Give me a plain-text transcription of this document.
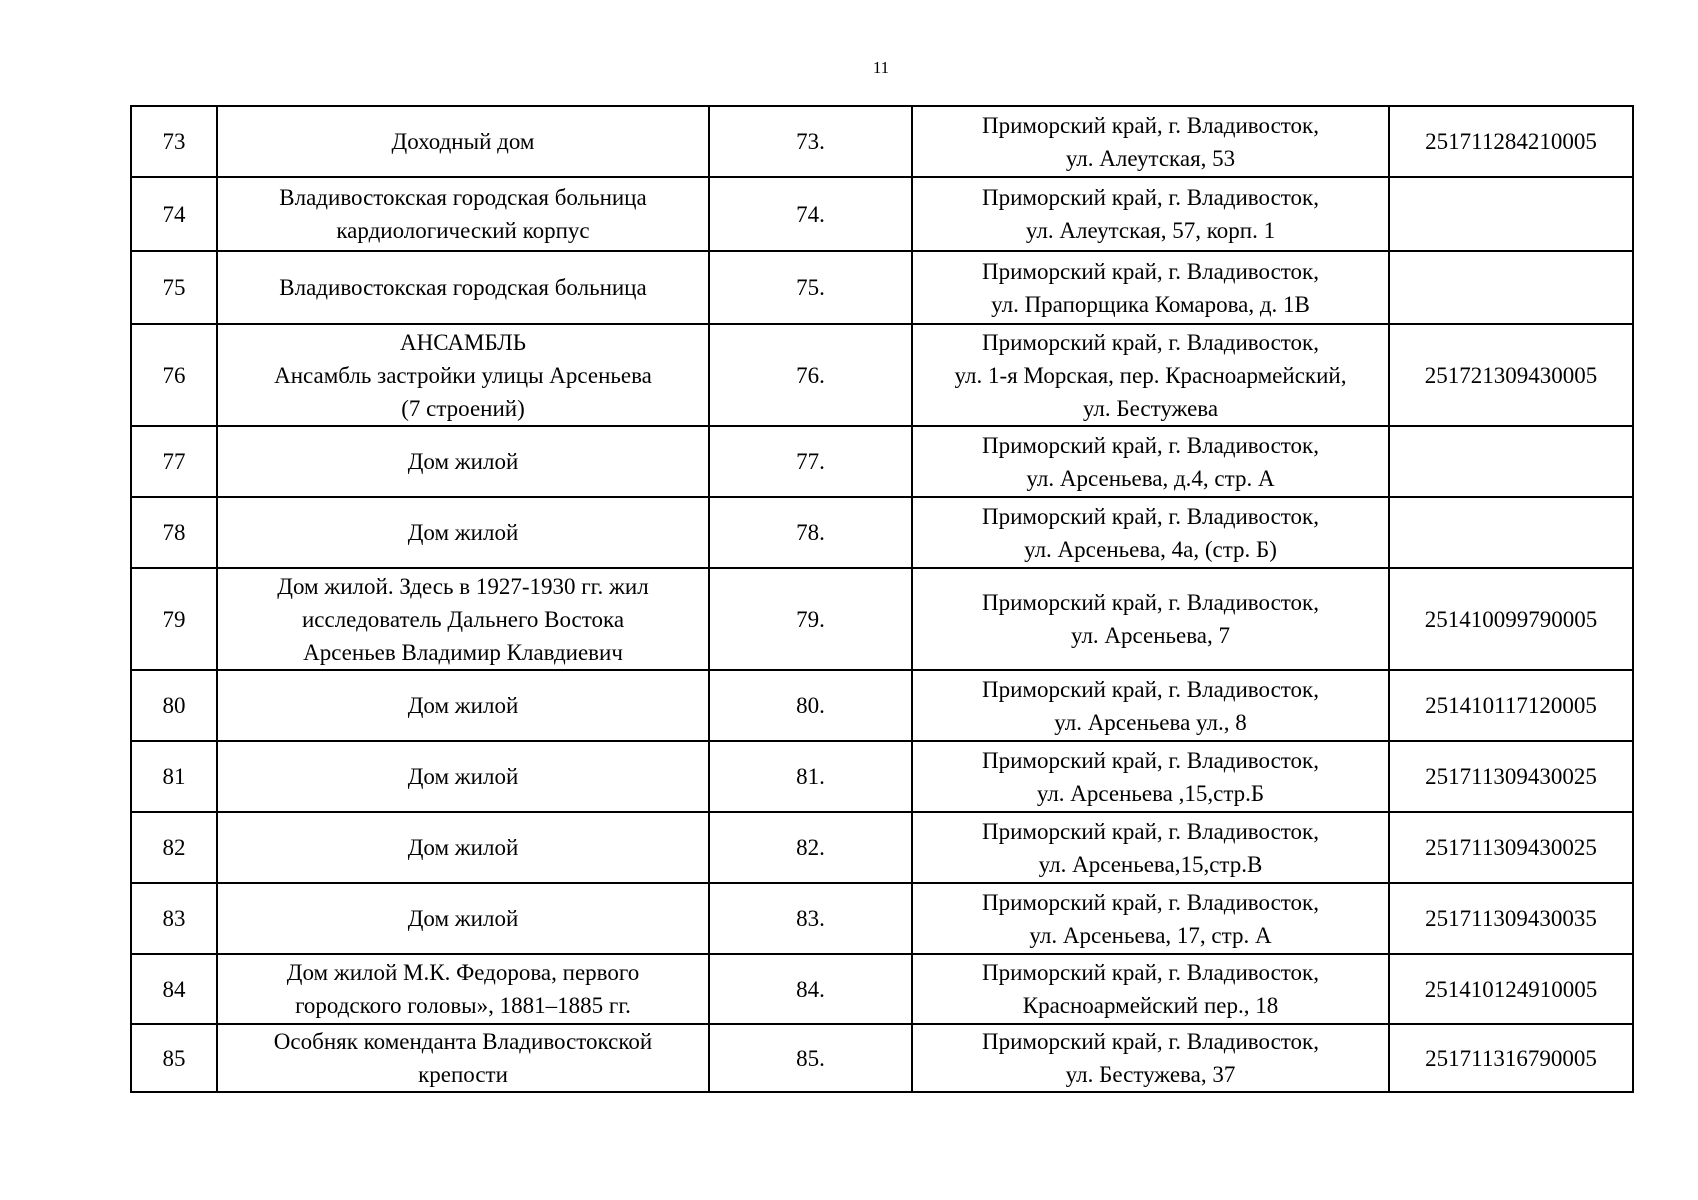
11
73	Доходный дом	73.	Приморский край, г. Владивосток,
ул. Алеутская, 53	251711284210005
74	Владивостокская городская больница
кардиологический корпус	74.	Приморский край, г. Владивосток,
ул. Алеутская, 57, корп. 1	

75	Владивостокская городская больница	75.	Приморский край, г. Владивосток,
ул. Прапорщика Комарова, д. 1В	

76	АНСАМБЛЬ
Ансамбль застройки улицы Арсеньева
(7 строений)	76.	Приморский край, г. Владивосток,
ул. 1-я Морская, пер. Красноармейский,
ул. Бестужева	251721309430005
77	Дом жилой	77.	Приморский край, г. Владивосток,
ул. Арсеньева, д.4, стр. А	

78	Дом жилой	78.	Приморский край, г. Владивосток,
ул. Арсеньева, 4а, (стр. Б)	

79	Дом жилой. Здесь в 1927-1930 гг. жил
исследователь Дальнего Востока
Арсеньев Владимир Клавдиевич	79.	Приморский край, г. Владивосток,
ул. Арсеньева, 7	251410099790005
80	Дом жилой	80.	Приморский край, г. Владивосток,
ул. Арсеньева ул., 8	251410117120005
81	Дом жилой	81.	Приморский край, г. Владивосток,
ул. Арсеньева ,15,стр.Б	251711309430025
82	Дом жилой	82.	Приморский край, г. Владивосток,
ул. Арсеньева,15,стр.В	251711309430025
83	Дом жилой	83.	Приморский край, г. Владивосток,
ул. Арсеньева, 17, стр. А	251711309430035
84	Дом жилой М.К. Федорова, первого
городского головы», 1881–1885 гг.	84.	Приморский край, г. Владивосток,
Красноармейский пер., 18	251410124910005
85	Особняк коменданта Владивостокской
крепости	85.	Приморский край, г. Владивосток,
ул. Бестужева, 37	251711316790005
